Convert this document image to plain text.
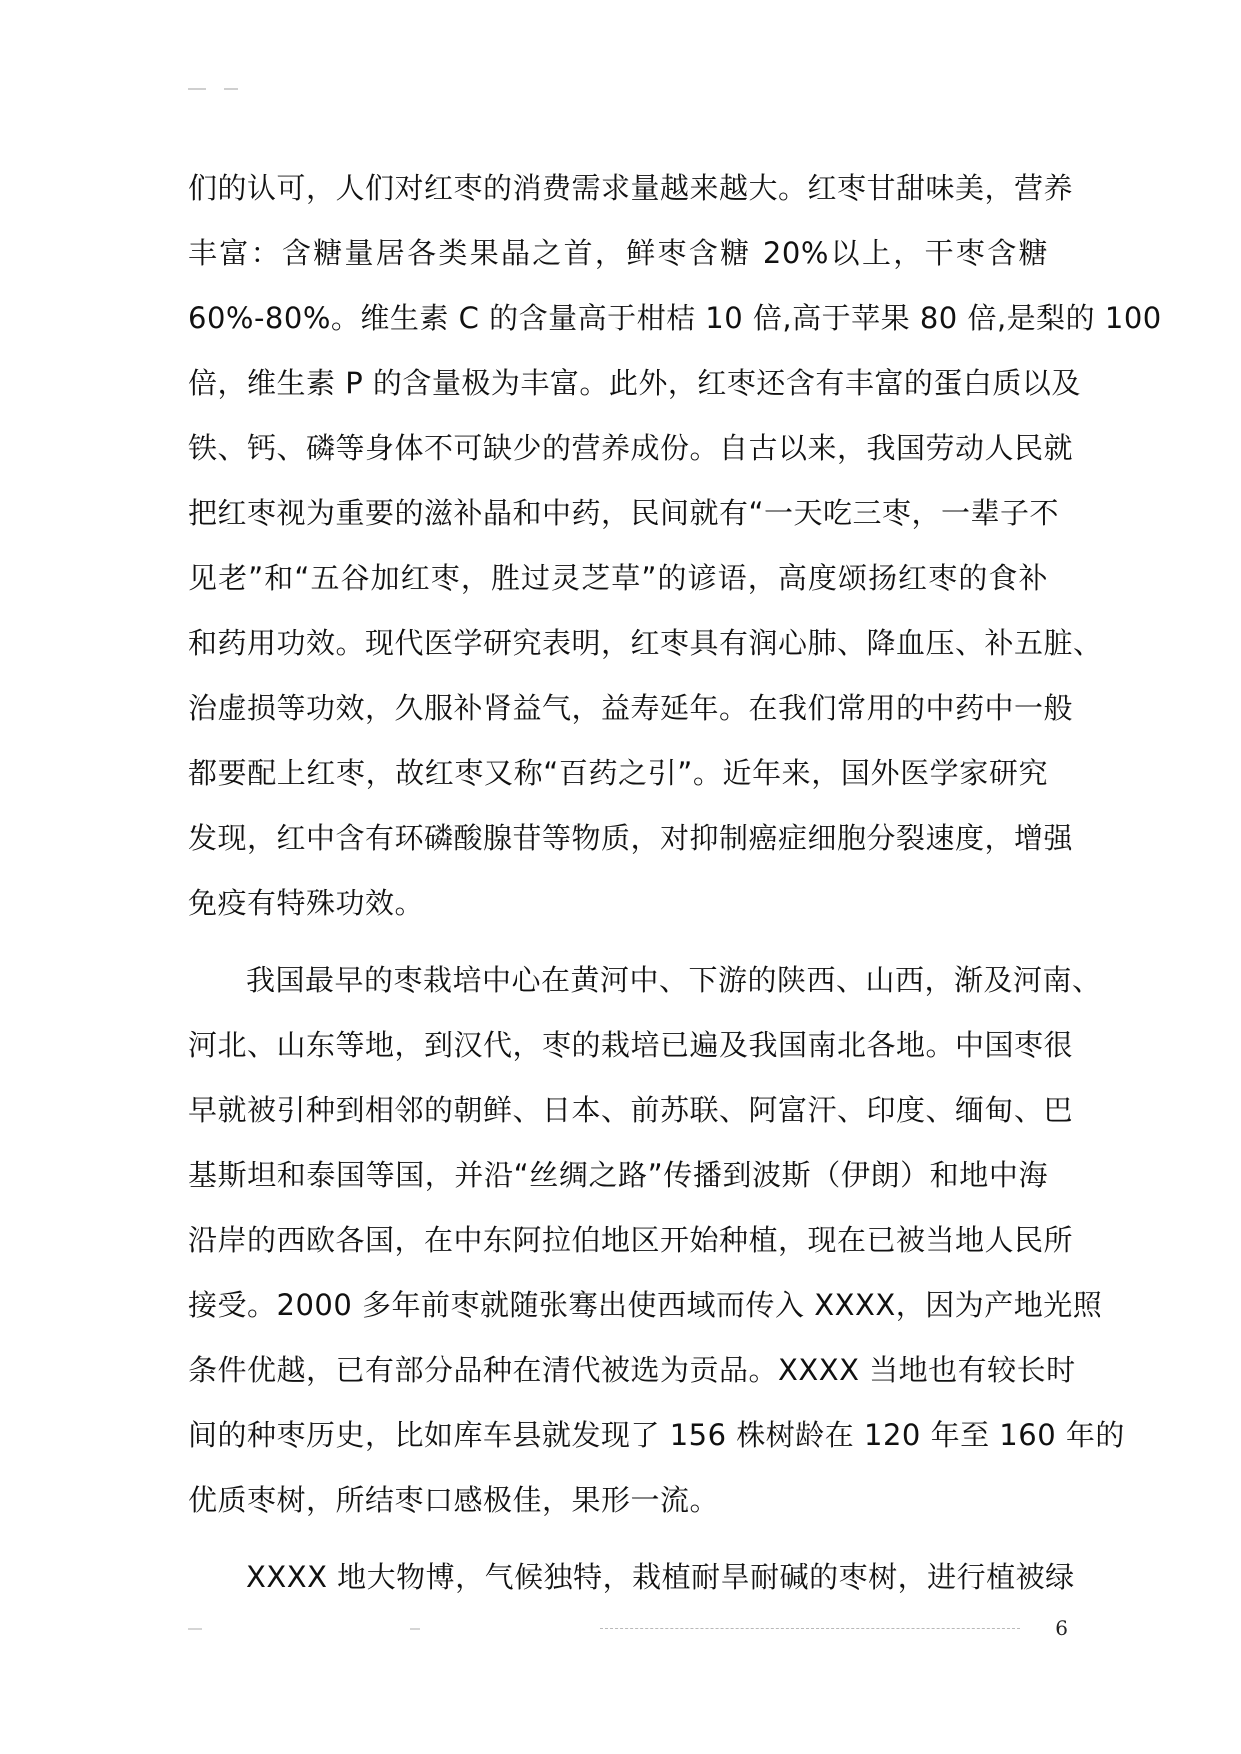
们的认可，人们对红枣的消费需求量越来越大。红枣甘甜味美，营养
丰富：含糖量居各类果晶之首，鲜枣含糖 20%以上，干枣含糖
60%-80%。维生素 C 的含量高于柑桔 10 倍,高于苹果 80 倍,是梨的 100
倍，维生素 P 的含量极为丰富。此外，红枣还含有丰富的蛋白质以及
铁、钙、磷等身体不可缺少的营养成份。自古以来，我国劳动人民就
把红枣视为重要的滋补晶和中药，民间就有“一天吃三枣，一辈子不
见老”和“五谷加红枣，胜过灵芝草”的谚语，高度颂扬红枣的食补
和药用功效。现代医学研究表明，红枣具有润心肺、降血压、补五脏、
治虚损等功效，久服补肾益气，益寿延年。在我们常用的中药中一般
都要配上红枣，故红枣又称“百药之引”。近年来，国外医学家研究
发现，红中含有环磷酸腺苷等物质，对抑制癌症细胞分裂速度，增强
免疫有特殊功效。
我国最早的枣栽培中心在黄河中、下游的陕西、山西，渐及河南、
河北、山东等地，到汉代，枣的栽培已遍及我国南北各地。中国枣很
早就被引种到相邻的朝鲜、日本、前苏联、阿富汗、印度、缅甸、巴
基斯坦和泰国等国，并沿“丝绸之路”传播到波斯（伊朗）和地中海
沿岸的西欧各国，在中东阿拉伯地区开始种植，现在已被当地人民所
接受。2000 多年前枣就随张骞出使西域而传入 XXXX，因为产地光照
条件优越，已有部分品种在清代被选为贡品。XXXX 当地也有较长时
间的种枣历史，比如库车县就发现了 156 株树龄在 120 年至 160 年的
优质枣树，所结枣口感极佳，果形一流。
XXXX 地大物博，气候独特，栽植耐旱耐碱的枣树，进行植被绿
6
